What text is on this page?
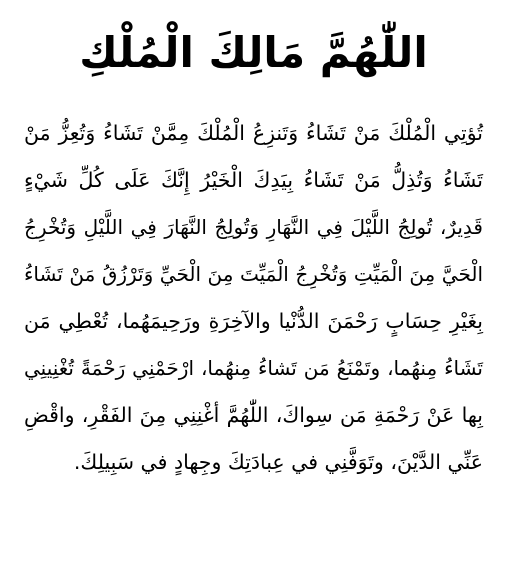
اللّٰهُمَّ مَالِكَ الْمُلْكِ
تُؤتِي الْمُلْكَ مَنْ تَشَاءُ وَتَنزِعُ الْمُلْكَ مِمَّنْ تَشَاءُ وَتُعِزُّ مَنْ
تَشَاءُ وَتُذِلُّ مَنْ تَشَاءُ بِيَدِكَ الْخَيْرُ إِنَّكَ عَلَى كُلِّ شَيْءٍ
قَدِيرٌ، تُولِجُ اللَّيْلَ فِي النَّهَارِ وَتُولِجُ النَّهَارَ فِي اللَّيْلِ وَتُخْرِجُ
الْحَيَّ مِنَ الْمَيِّتِ وَتُخْرِجُ الْمَيِّتَ مِنَ الْحَيِّ وَتَرْزُقُ مَنْ تَشَاءُ
بِغَيْرِ حِسَابٍ رَحْمَنَ الدُّنْيا والآخِرَةِ ورَحِيمَهُما، تُعْطِي مَن
تَشَاءُ مِنهُما، وتَمْنَعُ مَن تَشاءُ مِنهُما، ارْحَمْنِي رَحْمَةً تُغْنِينِي
بِها عَنْ رَحْمَةِ مَن سِواكَ، اللّٰهُمَّ أغْنِنِي مِنَ الفَقْرِ، واقْضِ
عَنِّي الدَّيْنَ، وتَوَفَّنِي في عِبادَتِكَ وجِهادٍ في سَبِيلِكَ.
